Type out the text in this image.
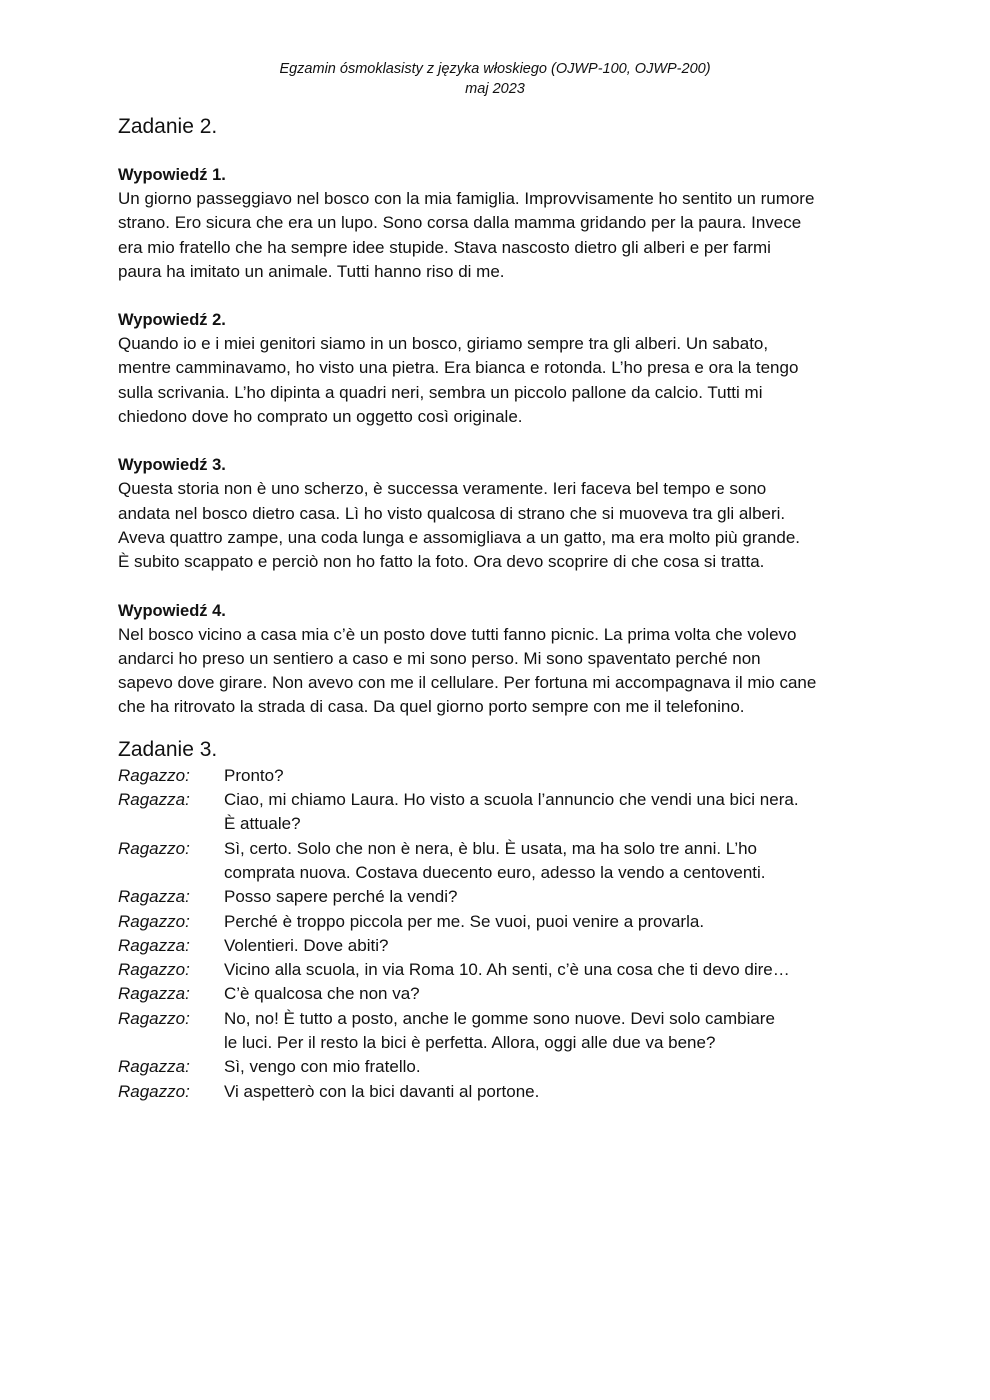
Egzamin ósmoklasisty z języka włoskiego (OJWP-100, OJWP-200)
maj 2023
Zadanie 2.

Wypowiedź 1.

Un giorno passeggiavo nel bosco con la mia famiglia. Improvvisamente ho sentito un rumore
strano. Ero sicura che era un lupo. Sono corsa dalla mamma gridando per la paura. Invece
era mio fratello che ha sempre idee stupide. Stava nascosto dietro gli alberi e per farmi
paura ha imitato un animale. Tutti hanno riso di me.

Wypowiedź 2.

Quando io e i miei genitori siamo in un bosco, giriamo sempre tra gli alberi. Un sabato,
mentre camminavamo, ho visto una pietra. Era bianca e rotonda. L’ho presa e ora la tengo
sulla scrivania. L’ho dipinta a quadri neri, sembra un piccolo pallone da calcio. Tutti mi
chiedono dove ho comprato un oggetto così originale.

Wypowiedź 3.

Questa storia non è uno scherzo, è successa veramente. Ieri faceva bel tempo e sono
andata nel bosco dietro casa. Lì ho visto qualcosa di strano che si muoveva tra gli alberi.
Aveva quattro zampe, una coda lunga e assomigliava a un gatto, ma era molto più grande.
È subito scappato e perciò non ho fatto la foto. Ora devo scoprire di che cosa si tratta.

Wypowiedź 4.

Nel bosco vicino a casa mia c’è un posto dove tutti fanno picnic. La prima volta che volevo
andarci ho preso un sentiero a caso e mi sono perso. Mi sono spaventato perché non
sapevo dove girare. Non avevo con me il cellulare. Per fortuna mi accompagnava il mio cane
che ha ritrovato la strada di casa. Da quel giorno porto sempre con me il telefonino.

Zadanie 3.
Ragazzo:	Pronto?
Ragazza:	Ciao, mi chiamo Laura. Ho visto a scuola l’annuncio che vendi una bici nera.
È attuale?
Ragazzo:	Sì, certo. Solo che non è nera, è blu. È usata, ma ha solo tre anni. L’ho
comprata nuova. Costava duecento euro, adesso la vendo a centoventi.
Ragazza:	Posso sapere perché la vendi?
Ragazzo:	Perché è troppo piccola per me. Se vuoi, puoi venire a provarla.
Ragazza:	Volentieri. Dove abiti?
Ragazzo:	Vicino alla scuola, in via Roma 10. Ah senti, c’è una cosa che ti devo dire…
Ragazza:	C’è qualcosa che non va?
Ragazzo:	No, no! È tutto a posto, anche le gomme sono nuove. Devi solo cambiare
le luci. Per il resto la bici è perfetta. Allora, oggi alle due va bene?
Ragazza:	Sì, vengo con mio fratello.
Ragazzo:	Vi aspetterò con la bici davanti al portone.
